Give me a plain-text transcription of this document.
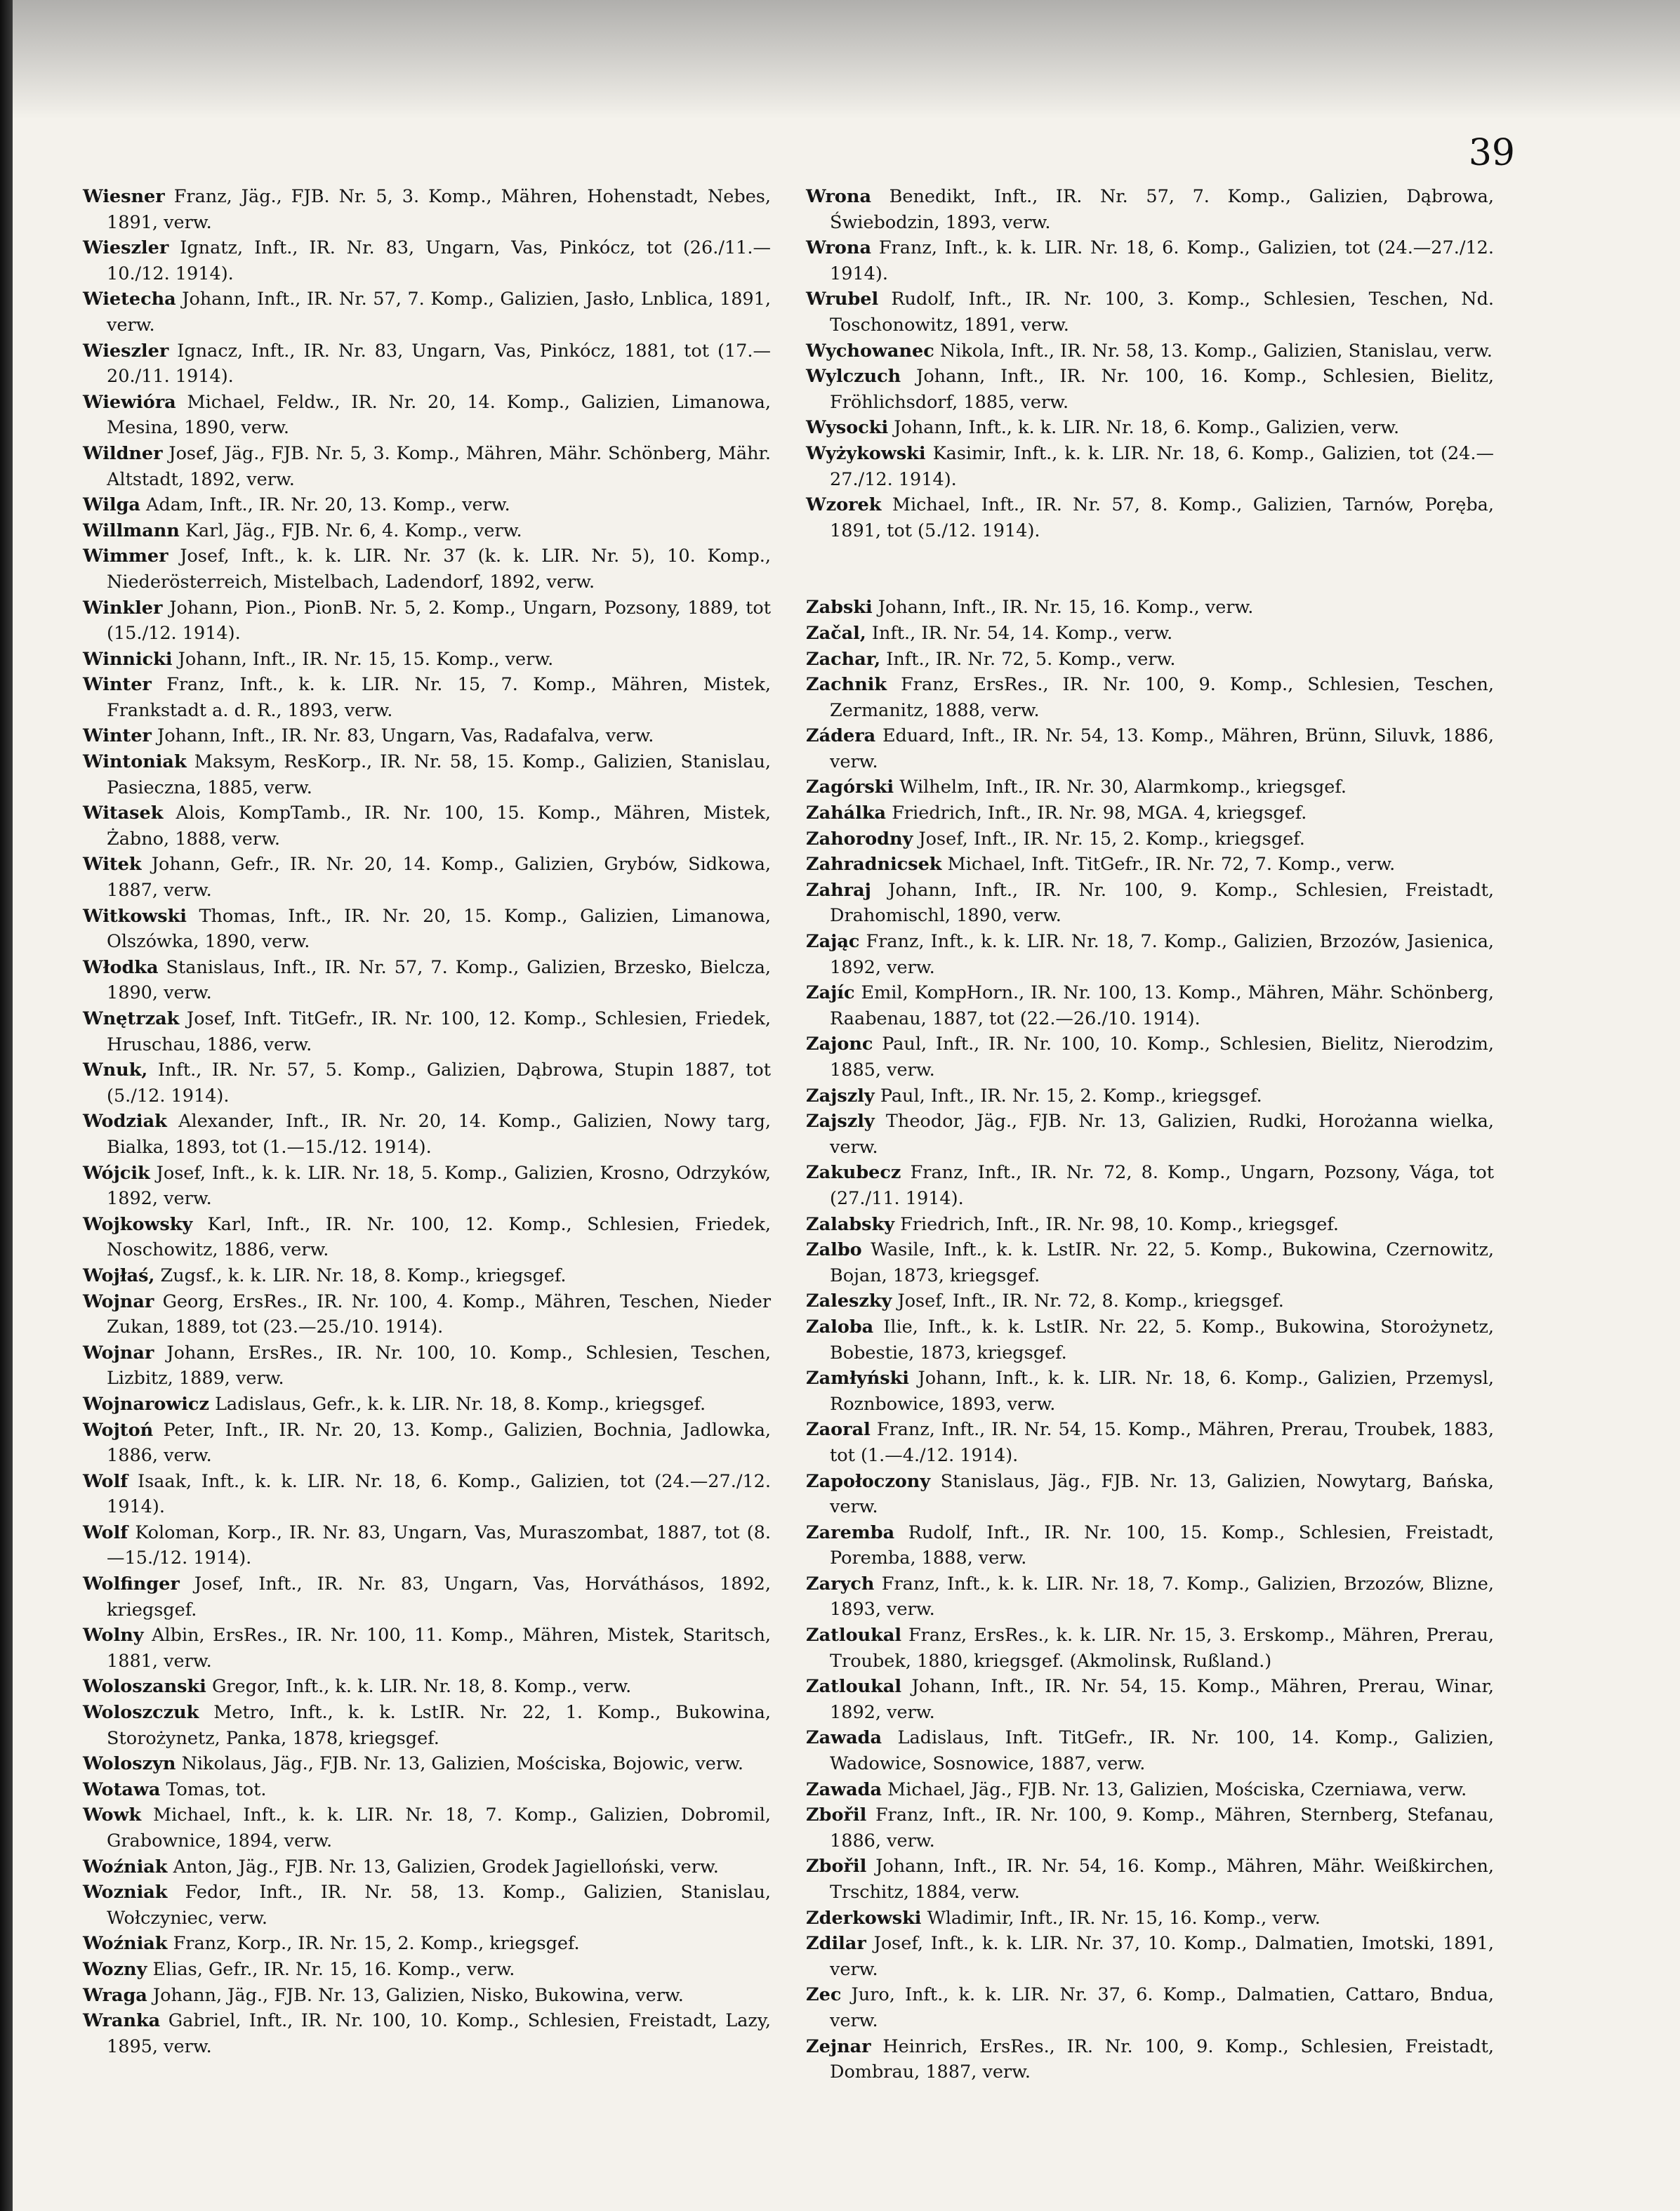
39

Wiesner Franz, Jäg., FJB. Nr. 5, 3. Komp., Mähren, Hohenstadt, Nebes, 1891, verw.

Wieszler Ignatz, Inft., IR. Nr. 83, Ungarn, Vas, Pinkócz, tot (26./11.—10./12. 1914).

Wietecha Johann, Inft., IR. Nr. 57, 7. Komp., Galizien, Jasło, Lnblica, 1891, verw.

Wieszler Ignacz, Inft., IR. Nr. 83, Ungarn, Vas, Pinkócz, 1881, tot (17.—20./11. 1914).

Wiewióra Michael, Feldw., IR. Nr. 20, 14. Komp., Galizien, Limanowa, Mesina, 1890, verw.

Wildner Josef, Jäg., FJB. Nr. 5, 3. Komp., Mähren, Mähr. Schönberg, Mähr. Altstadt, 1892, verw.

Wilga Adam, Inft., IR. Nr. 20, 13. Komp., verw.

Willmann Karl, Jäg., FJB. Nr. 6, 4. Komp., verw.

Wimmer Josef, Inft., k. k. LIR. Nr. 37 (k. k. LIR. Nr. 5), 10. Komp., Niederösterreich, Mistelbach, Ladendorf, 1892, verw.

Winkler Johann, Pion., PionB. Nr. 5, 2. Komp., Ungarn, Pozsony, 1889, tot (15./12. 1914).

Winnicki Johann, Inft., IR. Nr. 15, 15. Komp., verw.

Winter Franz, Inft., k. k. LIR. Nr. 15, 7. Komp., Mähren, Mistek, Frankstadt a. d. R., 1893, verw.

Winter Johann, Inft., IR. Nr. 83, Ungarn, Vas, Radafalva, verw.

Wintoniak Maksym, ResKorp., IR. Nr. 58, 15. Komp., Galizien, Stanislau, Pasieczna, 1885, verw.

Witasek Alois, KompTamb., IR. Nr. 100, 15. Komp., Mähren, Mistek, Żabno, 1888, verw.

Witek Johann, Gefr., IR. Nr. 20, 14. Komp., Galizien, Grybów, Sidkowa, 1887, verw.

Witkowski Thomas, Inft., IR. Nr. 20, 15. Komp., Galizien, Limanowa, Olszówka, 1890, verw.

Włodka Stanislaus, Inft., IR. Nr. 57, 7. Komp., Galizien, Brzesko, Bielcza, 1890, verw.

Wnętrzak Josef, Inft. TitGefr., IR. Nr. 100, 12. Komp., Schlesien, Friedek, Hruschau, 1886, verw.

Wnuk, Inft., IR. Nr. 57, 5. Komp., Galizien, Dąbrowa, Stupin 1887, tot (5./12. 1914).

Wodziak Alexander, Inft., IR. Nr. 20, 14. Komp., Galizien, Nowy targ, Bialka, 1893, tot (1.—15./12. 1914).

Wójcik Josef, Inft., k. k. LIR. Nr. 18, 5. Komp., Galizien, Krosno, Odrzyków, 1892, verw.

Wojkowsky Karl, Inft., IR. Nr. 100, 12. Komp., Schlesien, Friedek, Noschowitz, 1886, verw.

Wojłaś, Zugsf., k. k. LIR. Nr. 18, 8. Komp., kriegsgef.

Wojnar Georg, ErsRes., IR. Nr. 100, 4. Komp., Mähren, Teschen, Nieder Zukan, 1889, tot (23.—25./10. 1914).

Wojnar Johann, ErsRes., IR. Nr. 100, 10. Komp., Schlesien, Teschen, Lizbitz, 1889, verw.

Wojnarowicz Ladislaus, Gefr., k. k. LIR. Nr. 18, 8. Komp., kriegsgef.

Wojtoń Peter, Inft., IR. Nr. 20, 13. Komp., Galizien, Bochnia, Jadlowka, 1886, verw.

Wolf Isaak, Inft., k. k. LIR. Nr. 18, 6. Komp., Galizien, tot (24.—27./12. 1914).

Wolf Koloman, Korp., IR. Nr. 83, Ungarn, Vas, Muraszombat, 1887, tot (8.—15./12. 1914).

Wolfinger Josef, Inft., IR. Nr. 83, Ungarn, Vas, Horváthásos, 1892, kriegsgef.

Wolny Albin, ErsRes., IR. Nr. 100, 11. Komp., Mähren, Mistek, Staritsch, 1881, verw.

Woloszanski Gregor, Inft., k. k. LIR. Nr. 18, 8. Komp., verw.

Woloszczuk Metro, Inft., k. k. LstIR. Nr. 22, 1. Komp., Bukowina, Storożynetz, Panka, 1878, kriegsgef.

Woloszyn Nikolaus, Jäg., FJB. Nr. 13, Galizien, Mościska, Bojowic, verw.

Wotawa Tomas, tot.

Wowk Michael, Inft., k. k. LIR. Nr. 18, 7. Komp., Galizien, Dobromil, Grabownice, 1894, verw.

Woźniak Anton, Jäg., FJB. Nr. 13, Galizien, Grodek Jagielloński, verw.

Wozniak Fedor, Inft., IR. Nr. 58, 13. Komp., Galizien, Stanislau, Wołczyniec, verw.

Woźniak Franz, Korp., IR. Nr. 15, 2. Komp., kriegsgef.

Wozny Elias, Gefr., IR. Nr. 15, 16. Komp., verw.

Wraga Johann, Jäg., FJB. Nr. 13, Galizien, Nisko, Bukowina, verw.

Wranka Gabriel, Inft., IR. Nr. 100, 10. Komp., Schlesien, Freistadt, Lazy, 1895, verw.

Wrona Benedikt, Inft., IR. Nr. 57, 7. Komp., Galizien, Dąbrowa, Świebodzin, 1893, verw.

Wrona Franz, Inft., k. k. LIR. Nr. 18, 6. Komp., Galizien, tot (24.—27./12. 1914).

Wrubel Rudolf, Inft., IR. Nr. 100, 3. Komp., Schlesien, Teschen, Nd. Toschonowitz, 1891, verw.

Wychowanec Nikola, Inft., IR. Nr. 58, 13. Komp., Galizien, Stanislau, verw.

Wylczuch Johann, Inft., IR. Nr. 100, 16. Komp., Schlesien, Bielitz, Fröhlichsdorf, 1885, verw.

Wysocki Johann, Inft., k. k. LIR. Nr. 18, 6. Komp., Galizien, verw.

Wyżykowski Kasimir, Inft., k. k. LIR. Nr. 18, 6. Komp., Galizien, tot (24.—27./12. 1914).

Wzorek Michael, Inft., IR. Nr. 57, 8. Komp., Galizien, Tarnów, Poręba, 1891, tot (5./12. 1914).

Zabski Johann, Inft., IR. Nr. 15, 16. Komp., verw.

Začal, Inft., IR. Nr. 54, 14. Komp., verw.

Zachar, Inft., IR. Nr. 72, 5. Komp., verw.

Zachnik Franz, ErsRes., IR. Nr. 100, 9. Komp., Schlesien, Teschen, Zermanitz, 1888, verw.

Zádera Eduard, Inft., IR. Nr. 54, 13. Komp., Mähren, Brünn, Siluvk, 1886, verw.

Zagórski Wilhelm, Inft., IR. Nr. 30, Alarmkomp., kriegsgef.

Zahálka Friedrich, Inft., IR. Nr. 98, MGA. 4, kriegsgef.

Zahorodny Josef, Inft., IR. Nr. 15, 2. Komp., kriegsgef.

Zahradnicsek Michael, Inft. TitGefr., IR. Nr. 72, 7. Komp., verw.

Zahraj Johann, Inft., IR. Nr. 100, 9. Komp., Schlesien, Freistadt, Drahomischl, 1890, verw.

Zając Franz, Inft., k. k. LIR. Nr. 18, 7. Komp., Galizien, Brzozów, Jasienica, 1892, verw.

Zajíc Emil, KompHorn., IR. Nr. 100, 13. Komp., Mähren, Mähr. Schönberg, Raabenau, 1887, tot (22.—26./10. 1914).

Zajonc Paul, Inft., IR. Nr. 100, 10. Komp., Schlesien, Bielitz, Nierodzim, 1885, verw.

Zajszly Paul, Inft., IR. Nr. 15, 2. Komp., kriegsgef.

Zajszly Theodor, Jäg., FJB. Nr. 13, Galizien, Rudki, Horożanna wielka, verw.

Zakubecz Franz, Inft., IR. Nr. 72, 8. Komp., Ungarn, Pozsony, Vága, tot (27./11. 1914).

Zalabsky Friedrich, Inft., IR. Nr. 98, 10. Komp., kriegsgef.

Zalbo Wasile, Inft., k. k. LstIR. Nr. 22, 5. Komp., Bukowina, Czernowitz, Bojan, 1873, kriegsgef.

Zaleszky Josef, Inft., IR. Nr. 72, 8. Komp., kriegsgef.

Zaloba Ilie, Inft., k. k. LstIR. Nr. 22, 5. Komp., Bukowina, Storożynetz, Bobestie, 1873, kriegsgef.

Zamłyński Johann, Inft., k. k. LIR. Nr. 18, 6. Komp., Galizien, Przemysl, Roznbowice, 1893, verw.

Zaoral Franz, Inft., IR. Nr. 54, 15. Komp., Mähren, Prerau, Troubek, 1883, tot (1.—4./12. 1914).

Zapołoczony Stanislaus, Jäg., FJB. Nr. 13, Galizien, Nowytarg, Bańska, verw.

Zaremba Rudolf, Inft., IR. Nr. 100, 15. Komp., Schlesien, Freistadt, Poremba, 1888, verw.

Zarych Franz, Inft., k. k. LIR. Nr. 18, 7. Komp., Galizien, Brzozów, Blizne, 1893, verw.

Zatloukal Franz, ErsRes., k. k. LIR. Nr. 15, 3. Erskomp., Mähren, Prerau, Troubek, 1880, kriegsgef. (Akmolinsk, Rußland.)

Zatloukal Johann, Inft., IR. Nr. 54, 15. Komp., Mähren, Prerau, Winar, 1892, verw.

Zawada Ladislaus, Inft. TitGefr., IR. Nr. 100, 14. Komp., Galizien, Wadowice, Sosnowice, 1887, verw.

Zawada Michael, Jäg., FJB. Nr. 13, Galizien, Mościska, Czerniawa, verw.

Zbořil Franz, Inft., IR. Nr. 100, 9. Komp., Mähren, Sternberg, Stefanau, 1886, verw.

Zbořil Johann, Inft., IR. Nr. 54, 16. Komp., Mähren, Mähr. Weißkirchen, Trschitz, 1884, verw.

Zderkowski Wladimir, Inft., IR. Nr. 15, 16. Komp., verw.

Zdilar Josef, Inft., k. k. LIR. Nr. 37, 10. Komp., Dalmatien, Imotski, 1891, verw.

Zec Juro, Inft., k. k. LIR. Nr. 37, 6. Komp., Dalmatien, Cattaro, Bndua, verw.

Zejnar Heinrich, ErsRes., IR. Nr. 100, 9. Komp., Schlesien, Freistadt, Dombrau, 1887, verw.
